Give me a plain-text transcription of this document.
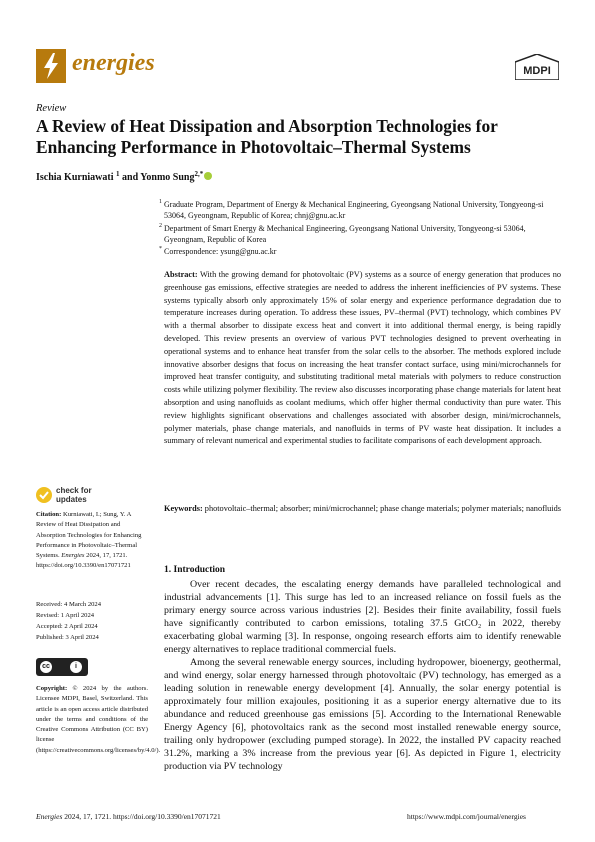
energies	MDPI
Review
A Review of Heat Dissipation and Absorption Technologies for Enhancing Performance in Photovoltaic–Thermal Systems
Ischia Kurniawati $^1$ and Yonmo Sung$^{2,*}$
1 Graduate Program, Department of Energy & Mechanical Engineering, Gyeongsang National University, Tongyeong-si 53064, Gyeongnam, Republic of Korea; chnj@gnu.ac.kr
2 Department of Smart Energy & Mechanical Engineering, Gyeongsang National University, Tongyeong-si 53064, Gyeongnam, Republic of Korea
* Correspondence: ysung@gnu.ac.kr
Abstract: With the growing demand for photovoltaic (PV) systems as a source of energy generation that produces no greenhouse gas emissions, effective strategies are needed to address the inherent inefficiencies of PV systems. These systems typically absorb only approximately 15% of solar energy and experience performance degradation due to temperature increases during operation. To address these issues, PV–thermal (PVT) technology, which combines PV with a thermal absorber to dissipate excess heat and convert it into additional thermal energy, is being rapidly developed. This review presents an overview of various PVT technologies designed to prevent overheating in operational systems and to enhance heat transfer from the solar cells to the absorber. The methods explored include innovative absorber designs that focus on increasing the heat transfer contact surface, using mini/microchannels for improved heat transfer contiguity, and substituting traditional metal materials with polymers to reduce construction costs while utilizing polymer flexibility. The review also discusses incorporating phase change materials for latent heat absorption and using nanofluids as coolant mediums, which offer higher thermal conductivity than pure water. This review highlights significant observations and challenges associated with absorber design, mini/microchannels, polymer materials, phase change materials, and nanofluids in terms of PV waste heat dissipation. It includes a summary of relevant numerical and experimental studies to facilitate comparisons of each development approach.
Keywords: photovoltaic–thermal; absorber; mini/microchannel; phase change materials; polymer materials; nanofluids
check for updates
Citation: Kurniawati, I.; Sung, Y. A Review of Heat Dissipation and Absorption Technologies for Enhancing Performance in Photovoltaic–Thermal Systems. Energies 2024, 17, 1721. https://doi.org/10.3390/en17071721
Received: 4 March 2024
Revised: 1 April 2024
Accepted: 2 April 2024
Published: 3 April 2024
cc	i
Copyright: © 2024 by the authors. Licensee MDPI, Basel, Switzerland. This article is an open access article distributed under the terms and conditions of the Creative Commons Attribution (CC BY) license (https://creativecommons.org/licenses/by/4.0/).
1. Introduction

Over recent decades, the escalating energy demands have paralleled technological and industrial advancements [1]. This surge has led to an increased reliance on fossil fuels as the primary energy source across various industries [2]. Besides their finite availability, fossil fuels have significantly contributed to carbon emissions, totaling 37.5 GtCO₂ in 2022, thereby exacerbating global warming [3]. In response, ongoing research efforts aim to identify renewable energy alternatives to replace traditional commercial fuels.

Among the several renewable energy sources, including hydropower, bioenergy, geothermal, and wind energy, solar energy harnessed through photovoltaic (PV) technology, has emerged as a leading solution in renewable energy development [4]. Annually, the solar energy potential is approximately four million exajoules, positioning it as a superior energy alternative due to its abundance and reduced greenhouse gas emissions [5]. According to the International Renewable Energy Agency [6], photovoltaics rank as the second most installed renewable energy source, trailing only hydropower (excluding pumped storage). In 2022, the installed PV capacity reached 31.2%, marking a 3% increase from the previous year [6]. As depicted in Figure 1, electricity production via PV technology

Energies 2024, 17, 1721. https://doi.org/10.3390/en17071721	https://www.mdpi.com/journal/energies
